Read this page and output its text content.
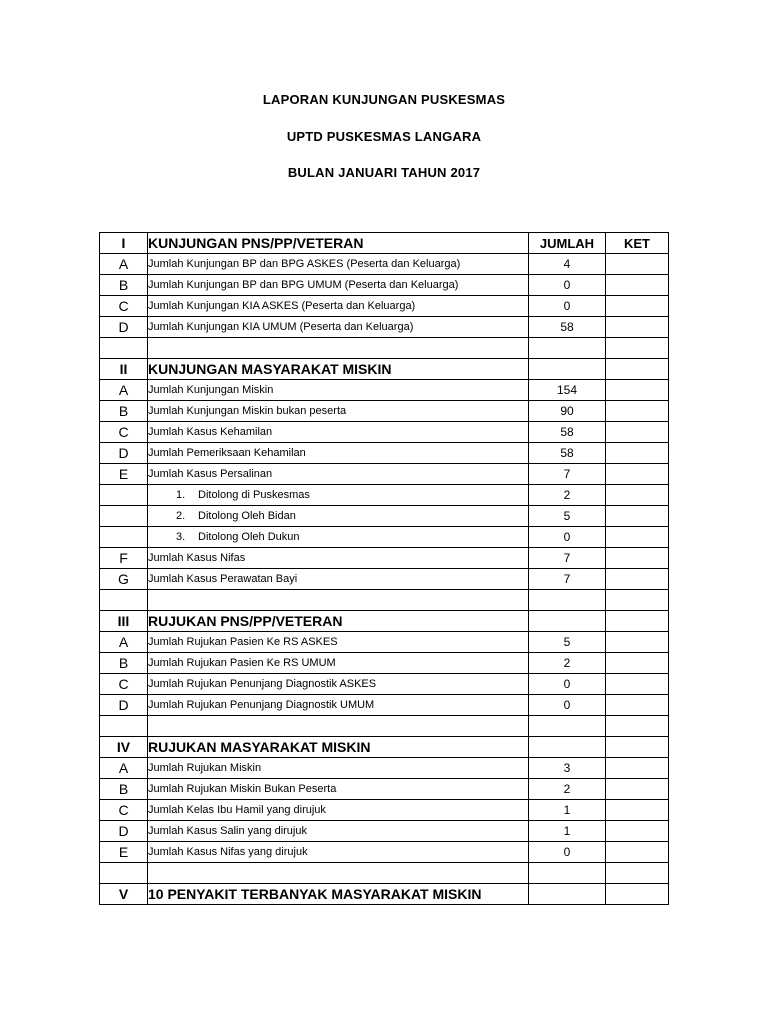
LAPORAN KUNJUNGAN PUSKESMAS
UPTD PUSKESMAS LANGARA
BULAN JANUARI TAHUN 2017
I	KUNJUNGAN PNS/PP/VETERAN	JUMLAH	KET
A	Jumlah Kunjungan BP dan BPG ASKES (Peserta dan Keluarga)	4	
B	Jumlah Kunjungan BP dan BPG UMUM (Peserta dan Keluarga)	0	
C	Jumlah Kunjungan KIA ASKES (Peserta dan Keluarga)	0	
D	Jumlah Kunjungan KIA UMUM (Peserta dan Keluarga)	58	

II	KUNJUNGAN MASYARAKAT MISKIN		
A	Jumlah Kunjungan Miskin	154	
B	Jumlah Kunjungan Miskin bukan peserta	90	
C	Jumlah Kasus Kehamilan	58	
D	Jumlah Pemeriksaan Kehamilan	58	
E	Jumlah Kasus Persalinan	7	
	1. Ditolong di Puskesmas	2	
	2. Ditolong Oleh Bidan	5	
	3. Ditolong Oleh Dukun	0	
F	Jumlah Kasus Nifas	7	
G	Jumlah Kasus Perawatan Bayi	7	

III	RUJUKAN PNS/PP/VETERAN		
A	Jumlah Rujukan Pasien Ke RS ASKES	5	
B	Jumlah Rujukan Pasien Ke RS UMUM	2	
C	Jumlah Rujukan Penunjang Diagnostik ASKES	0	
D	Jumlah Rujukan Penunjang Diagnostik UMUM	0	

IV	RUJUKAN MASYARAKAT MISKIN		
A	Jumlah Rujukan Miskin	3	
B	Jumlah Rujukan Miskin Bukan Peserta	2	
C	Jumlah Kelas Ibu Hamil yang dirujuk	1	
D	Jumlah Kasus Salin yang dirujuk	1	
E	Jumlah Kasus Nifas yang dirujuk	0	

V	10 PENYAKIT TERBANYAK MASYARAKAT MISKIN		
